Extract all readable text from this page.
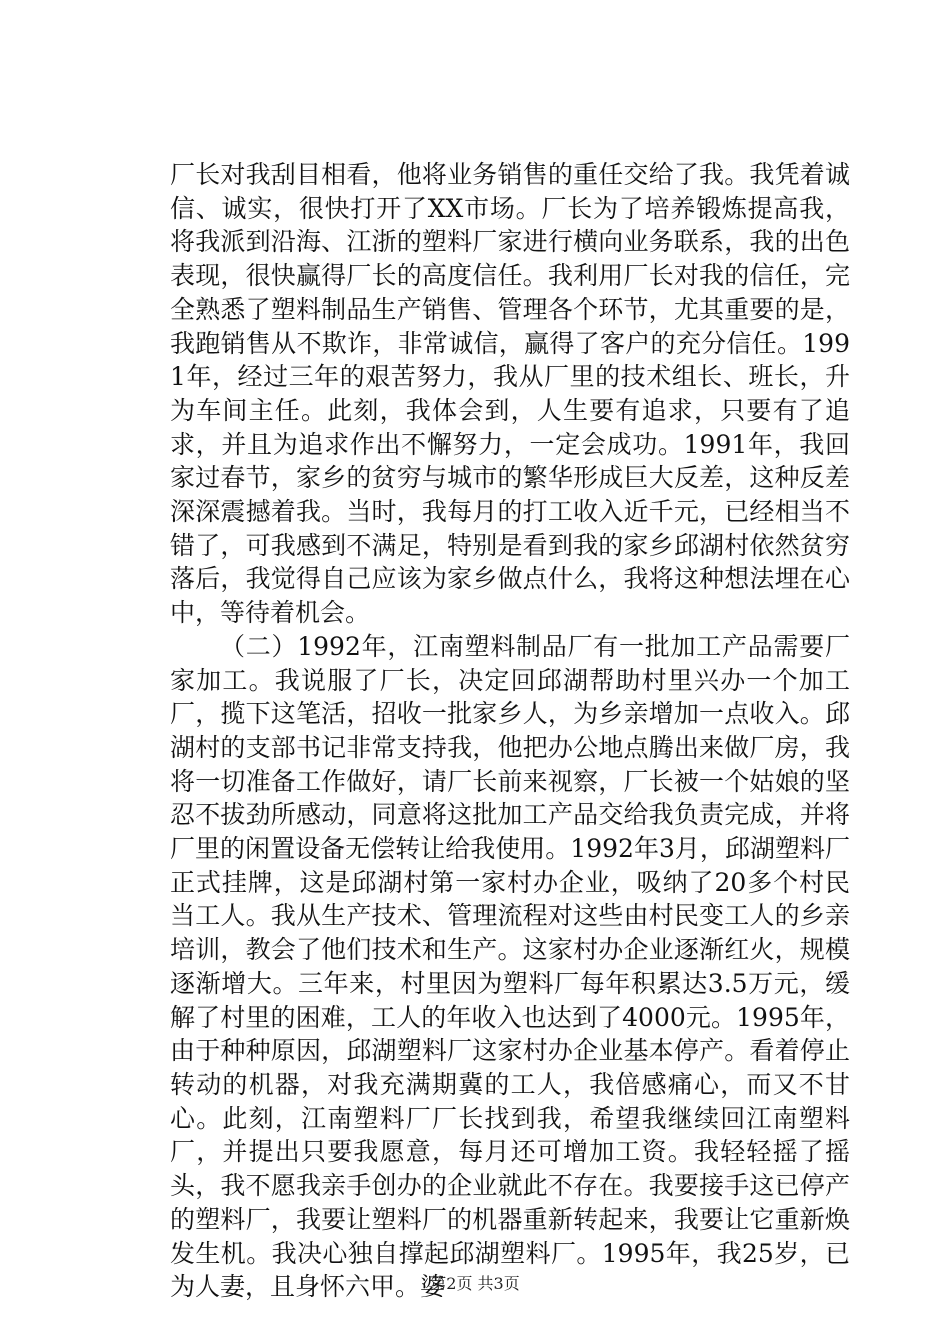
厂长对我刮目相看，他将业务销售的重任交给了我。我凭着诚信、诚实，很快打开了XX市场。厂长为了培养锻炼提高我，将我派到沿海、江浙的塑料厂家进行横向业务联系，我的出色表现，很快赢得厂长的高度信任。我利用厂长对我的信任，完全熟悉了塑料制品生产销售、管理各个环节，尤其重要的是，我跑销售从不欺诈，非常诚信，赢得了客户的充分信任。1991年，经过三年的艰苦努力，我从厂里的技术组长、班长，升为车间主任。此刻，我体会到，人生要有追求，只要有了追求，并且为追求作出不懈努力，一定会成功。1991年，我回家过春节，家乡的贫穷与城市的繁华形成巨大反差，这种反差深深震撼着我。当时，我每月的打工收入近千元，已经相当不错了，可我感到不满足，特别是看到我的家乡邱湖村依然贫穷落后，我觉得自己应该为家乡做点什么，我将这种想法埋在心中，等待着机会。

（二）1992年，江南塑料制品厂有一批加工产品需要厂家加工。我说服了厂长，决定回邱湖帮助村里兴办一个加工厂，揽下这笔活，招收一批家乡人，为乡亲增加一点收入。邱湖村的支部书记非常支持我，他把办公地点腾出来做厂房，我将一切准备工作做好，请厂长前来视察，厂长被一个姑娘的坚忍不拔劲所感动，同意将这批加工产品交给我负责完成，并将厂里的闲置设备无偿转让给我使用。1992年3月，邱湖塑料厂正式挂牌，这是邱湖村第一家村办企业，吸纳了20多个村民当工人。我从生产技术、管理流程对这些由村民变工人的乡亲培训，教会了他们技术和生产。这家村办企业逐渐红火，规模逐渐增大。三年来，村里因为塑料厂每年积累达3.5万元，缓解了村里的困难，工人的年收入也达到了4000元。1995年，由于种种原因，邱湖塑料厂这家村办企业基本停产。看着停止转动的机器，对我充满期冀的工人，我倍感痛心，而又不甘心。此刻，江南塑料厂厂长找到我，希望我继续回江南塑料厂，并提出只要我愿意，每月还可增加工资。我轻轻摇了摇头，我不愿我亲手创办的企业就此不存在。我要接手这已停产的塑料厂，我要让塑料厂的机器重新转起来，我要让它重新焕发生机。我决心独自撑起邱湖塑料厂。1995年，我25岁，已为人妻，且身怀六甲。婆

第2页 共3页
